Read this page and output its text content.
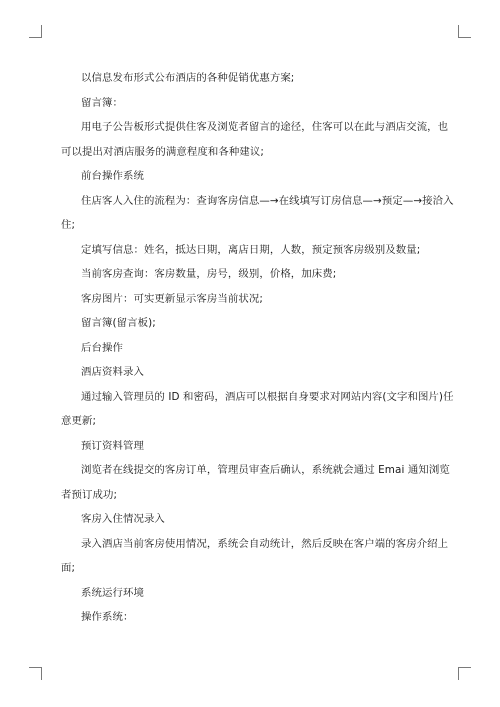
以信息发布形式公布酒店的各种促销优惠方案;
留言簿：
用电子公告板形式提供住客及浏览者留言的途径，住客可以在此与酒店交流，也
可以提出对酒店服务的满意程度和各种建议;
前台操作系统
住店客人入住的流程为：查询客房信息—→在线填写订房信息—→预定—→接洽入
住;
定填写信息：姓名，抵达日期，离店日期，人数，预定预客房级别及数量;
当前客房查询：客房数量，房号，级别，价格，加床费;
客房图片：可实更新显示客房当前状况;
留言簿(留言板);
后台操作
酒店资料录入
通过输入管理员的 ID 和密码，酒店可以根据自身要求对网站内容(文字和图片)任
意更新;
预订资料管理
浏览者在线提交的客房订单，管理员审查后确认，系统就会通过 Emai 通知浏览
者预订成功;
客房入住情况录入
录入酒店当前客房使用情况，系统会自动统计，然后反映在客户端的客房介绍上
面;
系统运行环境
操作系统：
